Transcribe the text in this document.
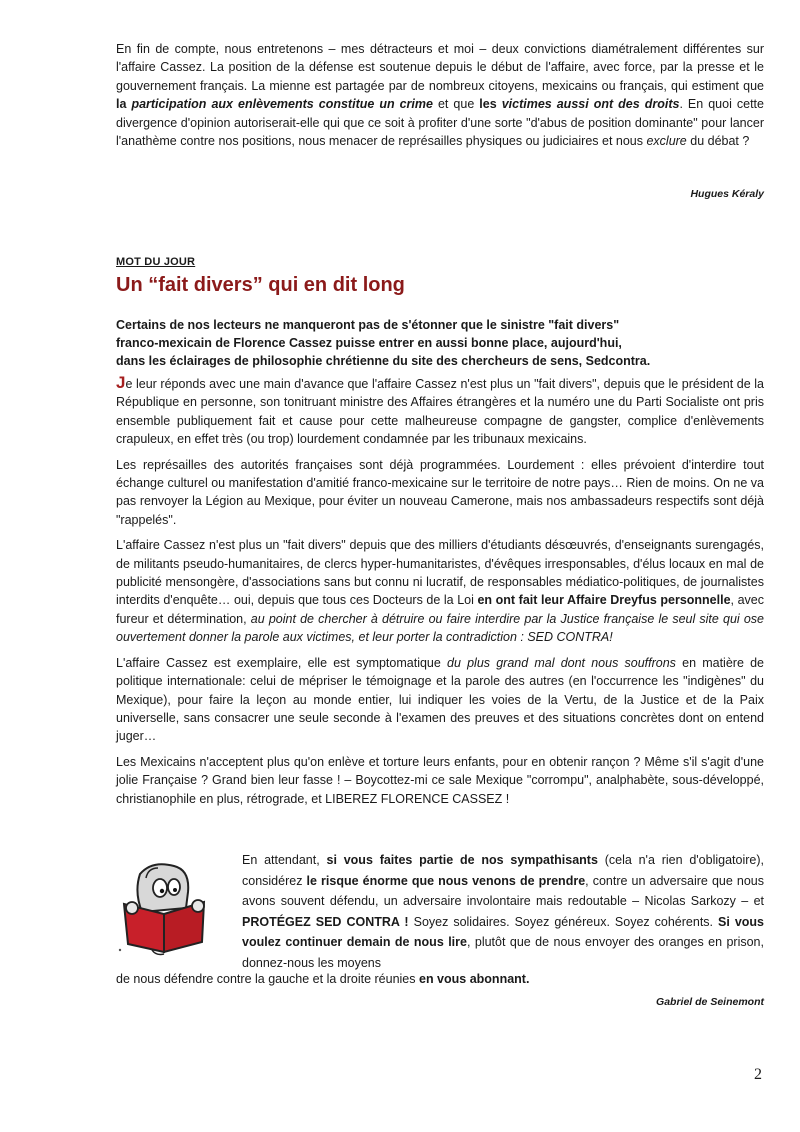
En fin de compte, nous entretenons – mes détracteurs et moi – deux convictions diamétralement différentes sur l'affaire Cassez. La position de la défense est soutenue depuis le début de l'affaire, avec force, par la presse et le gouvernement français. La mienne est partagée par de nombreux citoyens, mexicains ou français, qui estiment que la participation aux enlèvements constitue un crime et que les victimes aussi ont des droits. En quoi cette divergence d'opinion autoriserait-elle qui que ce soit à profiter d'une sorte "d'abus de position dominante" pour lancer l'anathème contre nos positions, nous menacer de représailles physiques ou judiciaires et nous exclure du débat ?

Hugues Kéraly
MOT DU JOUR
Un “fait divers” qui en dit long
Certains de nos lecteurs ne manqueront pas de s'étonner que le sinistre "fait divers"
franco-mexicain de Florence Cassez puisse entrer en aussi bonne place, aujourd'hui,
dans les éclairages de philosophie chrétienne du site des chercheurs de sens, Sedcontra.

Je leur réponds avec une main d'avance que l'affaire Cassez n'est plus un "fait divers", depuis que le président de la République en personne, son tonitruant ministre des Affaires étrangères et la numéro une du Parti Socialiste ont pris ensemble publiquement fait et cause pour cette malheureuse compagne de gangster, complice d'enlèvements crapuleux, en effet très (ou trop) lourdement condamnée par les tribunaux mexicains.

Les représailles des autorités françaises sont déjà programmées. Lourdement : elles prévoient d'interdire tout échange culturel ou manifestation d'amitié franco-mexicaine sur le territoire de notre pays… Rien de moins. On ne va pas renvoyer la Légion au Mexique, pour éviter un nouveau Camerone, mais nos ambassadeurs respectifs sont déjà "rappelés".

L'affaire Cassez n'est plus un "fait divers" depuis que des milliers d'étudiants désœuvrés, d'enseignants surengagés, de militants pseudo-humanitaires, de clercs hyper-humanitaristes, d'évêques irresponsables, d'élus locaux en mal de publicité mensongère, d'associations sans but connu ni lucratif, de responsables médiatico-politiques, de journalistes interdits d'enquête… oui, depuis que tous ces Docteurs de la Loi en ont fait leur Affaire Dreyfus personnelle, avec fureur et détermination, au point de chercher à détruire ou faire interdire par la Justice française le seul site qui ose ouvertement donner la parole aux victimes, et leur porter la contradiction : SED CONTRA!

L'affaire Cassez est exemplaire, elle est symptomatique du plus grand mal dont nous souffrons en matière de politique internationale: celui de mépriser le témoignage et la parole des autres (en l'occurrence les "indigènes" du Mexique), pour faire la leçon au monde entier, lui indiquer les voies de la Vertu, de la Justice et de la Paix universelle, sans consacrer une seule seconde à l'examen des preuves et des situations concrètes dont on entend juger…

Les Mexicains n'acceptent plus qu'on enlève et torture leurs enfants, pour en obtenir rançon ? Même s'il s'agit d'une jolie Française ? Grand bien leur fasse ! – Boycottez-mi ce sale Mexique "corrompu", analphabète, sous-développé, christianophile en plus, rétrograde, et LIBEREZ FLORENCE CASSEZ !

En attendant, si vous faites partie de nos sympathisants (cela n'a rien d'obligatoire), considérez le risque énorme que nous venons de prendre, contre un adversaire que nous avons souvent défendu, un adversaire involontaire mais redoutable – Nicolas Sarkozy – et PROTÉGEZ SED CONTRA ! Soyez solidaires. Soyez généreux. Soyez cohérents. Si vous voulez continuer demain de nous lire, plutôt que de nous envoyer des oranges en prison, donnez-nous les moyens

de nous défendre contre la gauche et la droite réunies en vous abonnant.

Gabriel de Seinemont
2
